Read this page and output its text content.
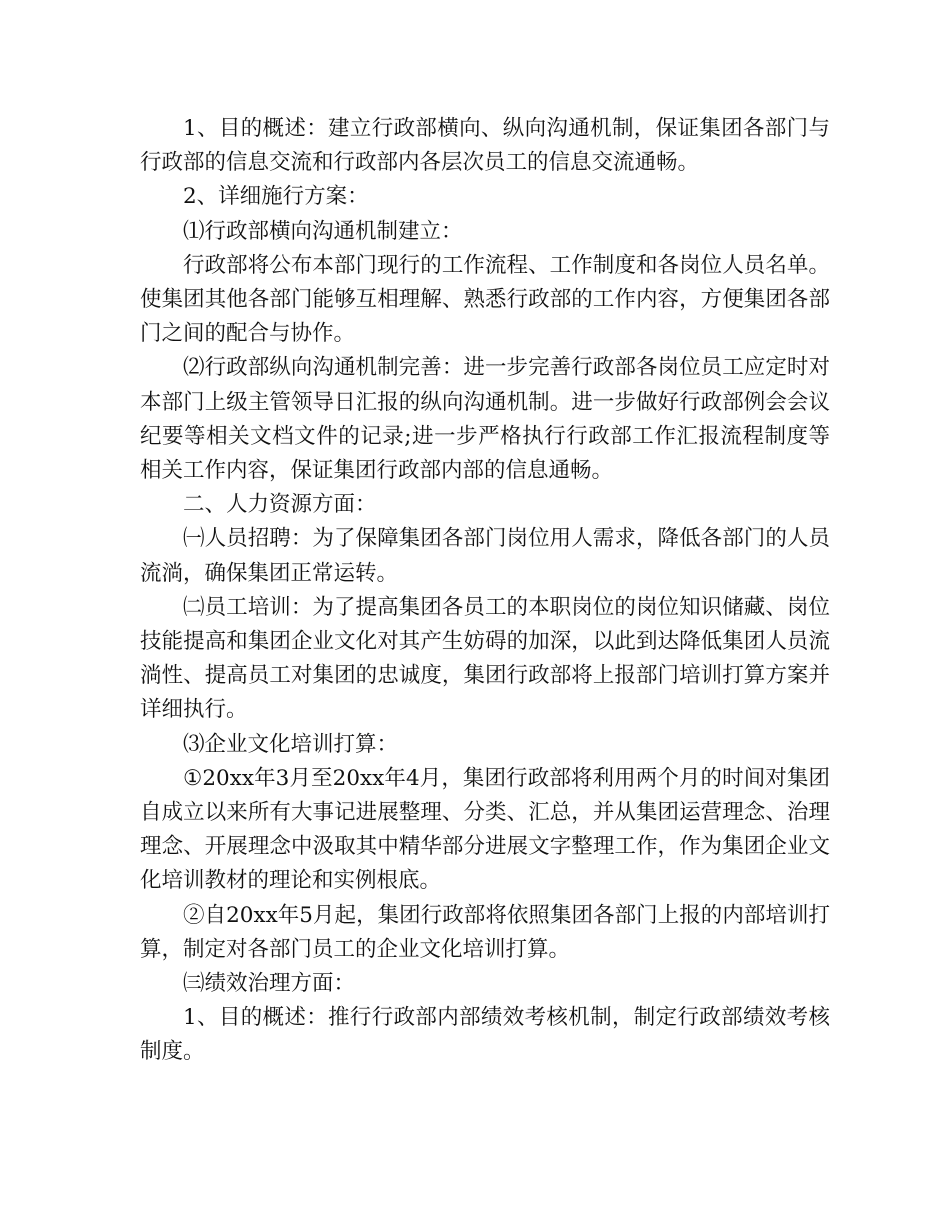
1、目的概述：建立行政部横向、纵向沟通机制，保证集团各部门与行政部的信息交流和行政部内各层次员工的信息交流通畅。

2、详细施行方案：

⑴行政部横向沟通机制建立：

行政部将公布本部门现行的工作流程、工作制度和各岗位人员名单。使集团其他各部门能够互相理解、熟悉行政部的工作内容，方便集团各部门之间的配合与协作。

⑵行政部纵向沟通机制完善：进一步完善行政部各岗位员工应定时对本部门上级主管领导日汇报的纵向沟通机制。进一步做好行政部例会会议纪要等相关文档文件的记录;进一步严格执行行政部工作汇报流程制度等相关工作内容，保证集团行政部内部的信息通畅。

二、人力资源方面：

㈠人员招聘：为了保障集团各部门岗位用人需求，降低各部门的人员流淌，确保集团正常运转。

㈡员工培训：为了提高集团各员工的本职岗位的岗位知识储藏、岗位技能提高和集团企业文化对其产生妨碍的加深，以此到达降低集团人员流淌性、提高员工对集团的忠诚度，集团行政部将上报部门培训打算方案并详细执行。

⑶企业文化培训打算：

①20xx年3月至20xx年4月，集团行政部将利用两个月的时间对集团自成立以来所有大事记进展整理、分类、汇总，并从集团运营理念、治理理念、开展理念中汲取其中精华部分进展文字整理工作，作为集团企业文化培训教材的理论和实例根底。

②自20xx年5月起，集团行政部将依照集团各部门上报的内部培训打算，制定对各部门员工的企业文化培训打算。

㈢绩效治理方面：

1、目的概述：推行行政部内部绩效考核机制，制定行政部绩效考核制度。
